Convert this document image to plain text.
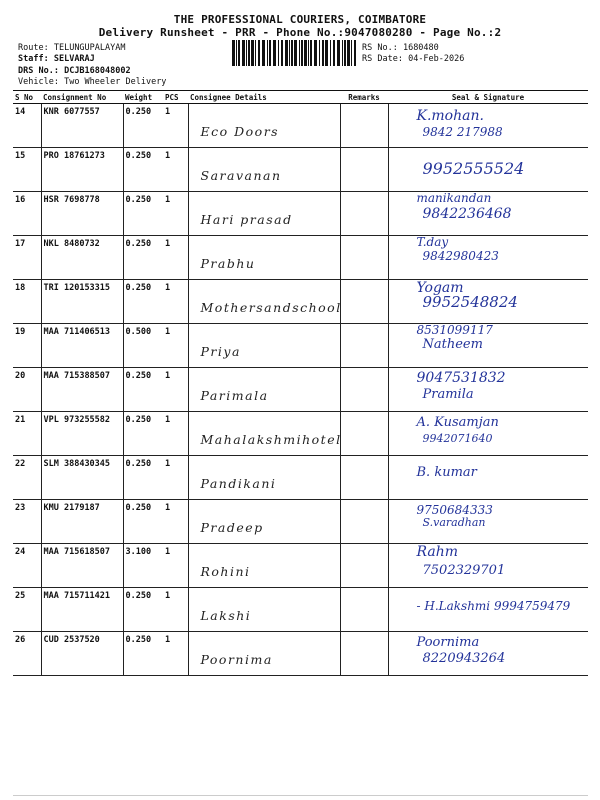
THE PROFESSIONAL COURIERS, COIMBATORE
Delivery Runsheet - PRR - Phone No.:9047080280 - Page No.:2
Route: TELUNGUPALAYAM
Staff: SELVARAJ
DRS No.: DCJB168048002
Vehicle: Two Wheeler Delivery
RS No.: 1680480
RS Date: 04-Feb-2026
S No	Consignment No	Weight	PCS	Consignee Details	Remarks	Seal & Signature
14	KNR 6077557	0.250	1	Eco Doors		K.mohan.
9842 217988

15	PRO 18761273	0.250	1	Saravanan		9952555524

16	HSR 7698778	0.250	1	Hari prasad		manikandan
9842236468

17	NKL 8480732	0.250	1	Prabhu		T.day
9842980423

18	TRI 120153315	0.250	1	Mothersandschool		Yogam
9952548824

19	MAA 711406513	0.500	1	Priya		8531099117
Natheem

20	MAA 715388507	0.250	1	Parimala		9047531832
Pramila

21	VPL 973255582	0.250	1	Mahalakshmihotel		A. Kusamjan
9942071640

22	SLM 388430345	0.250	1	Pandikani		B. kumar

23	KMU 2179187	0.250	1	Pradeep		9750684333
S.varadhan

24	MAA 715618507	3.100	1	Rohini		Rahm
7502329701

25	MAA 715711421	0.250	1	Lakshi		- H.Lakshmi 9994759479

26	CUD 2537520	0.250	1	Poornima		Poornima
8220943264
